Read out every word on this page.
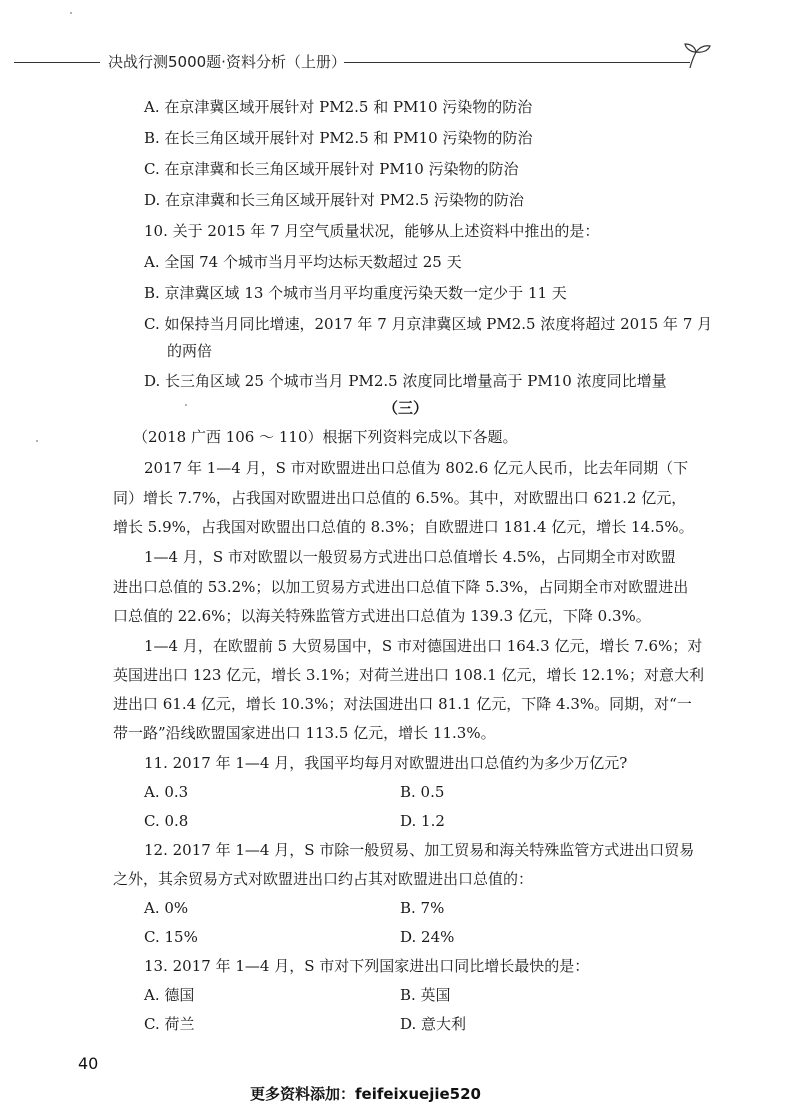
决战行测5000题·资料分析（上册）
A. 在京津冀区域开展针对 PM2.5 和 PM10 污染物的防治
B. 在长三角区域开展针对 PM2.5 和 PM10 污染物的防治
C. 在京津冀和长三角区域开展针对 PM10 污染物的防治
D. 在京津冀和长三角区域开展针对 PM2.5 污染物的防治
10. 关于 2015 年 7 月空气质量状况，能够从上述资料中推出的是：
A. 全国 74 个城市当月平均达标天数超过 25 天
B. 京津冀区域 13 个城市当月平均重度污染天数一定少于 11 天
C. 如保持当月同比增速，2017 年 7 月京津冀区域 PM2.5 浓度将超过 2015 年 7 月
的两倍
D. 长三角区域 25 个城市当月 PM2.5 浓度同比增量高于 PM10 浓度同比增量
（三）
（2018 广西 106 ～ 110）根据下列资料完成以下各题。
2017 年 1—4 月，S 市对欧盟进出口总值为 802.6 亿元人民币，比去年同期（下
同）增长 7.7%，占我国对欧盟进出口总值的 6.5%。其中，对欧盟出口 621.2 亿元，
增长 5.9%，占我国对欧盟出口总值的 8.3%；自欧盟进口 181.4 亿元，增长 14.5%。
1—4 月，S 市对欧盟以一般贸易方式进出口总值增长 4.5%，占同期全市对欧盟
进出口总值的 53.2%；以加工贸易方式进出口总值下降 5.3%，占同期全市对欧盟进出
口总值的 22.6%；以海关特殊监管方式进出口总值为 139.3 亿元，下降 0.3%。
1—4 月，在欧盟前 5 大贸易国中，S 市对德国进出口 164.3 亿元，增长 7.6%；对
英国进出口 123 亿元，增长 3.1%；对荷兰进出口 108.1 亿元，增长 12.1%；对意大利
进出口 61.4 亿元，增长 10.3%；对法国进出口 81.1 亿元，下降 4.3%。同期，对“一
带一路”沿线欧盟国家进出口 113.5 亿元，增长 11.3%。
11. 2017 年 1—4 月，我国平均每月对欧盟进出口总值约为多少万亿元?
A. 0.3	B. 0.5
C. 0.8	D. 1.2
12. 2017 年 1—4 月，S 市除一般贸易、加工贸易和海关特殊监管方式进出口贸易
之外，其余贸易方式对欧盟进出口约占其对欧盟进出口总值的：
A. 0%	B. 7%
C. 15%	D. 24%
13. 2017 年 1—4 月，S 市对下列国家进出口同比增长最快的是：
A. 德国	B. 英国
C. 荷兰	D. 意大利
40
更多资料添加：feifeixuejie520
